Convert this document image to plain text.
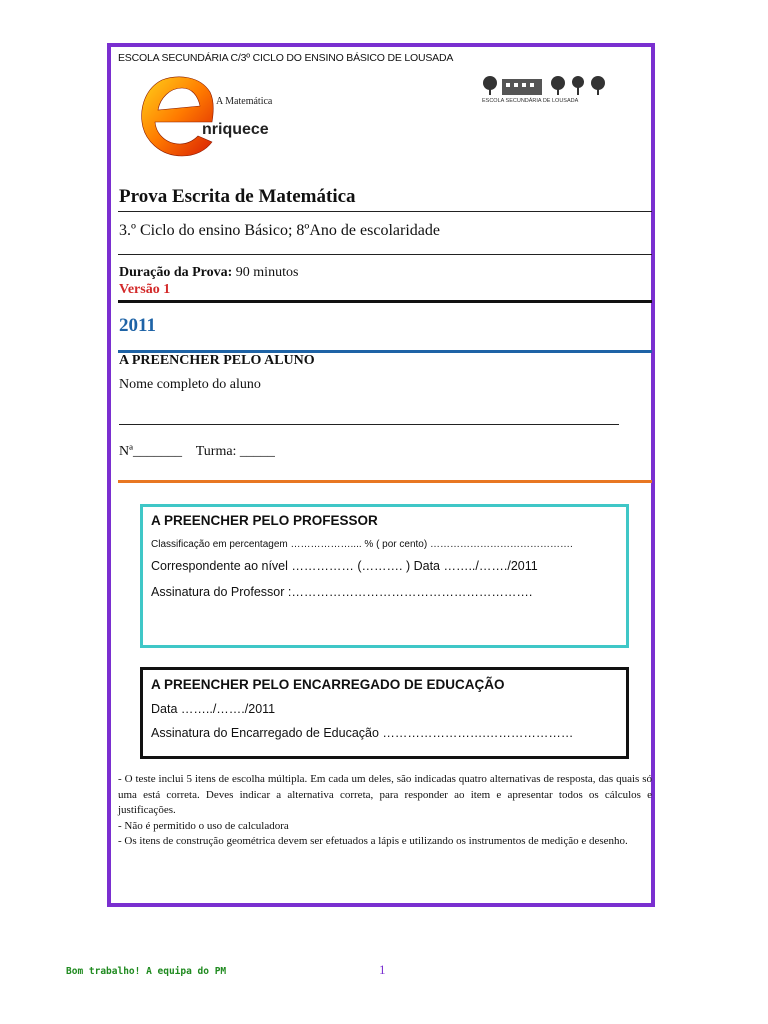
ESCOLA SECUNDÁRIA C/3º CICLO DO ENSINO BÁSICO DE LOUSADA
A Matemática
nriquece
ESCOLA SECUNDÁRIA DE LOUSADA
Prova Escrita de Matemática
3.º Ciclo do ensino Básico; 8ºAno de escolaridade
Duração da Prova: 90 minutos
Versão 1
2011
A PREENCHER PELO ALUNO
Nome completo do aluno
Nª_______    Turma: _____
A PREENCHER PELO PROFESSOR
Classificação em percentagem ……………….... % ( por cento) …………………………………….
Correspondente ao nível …………… (………. ) Data ……../……./2011
Assinatura do Professor :………………………………………………….
A PREENCHER PELO ENCARREGADO DE EDUCAÇÃO
Data ……../……./2011
Assinatura do Encarregado de Educação …………………….…………………

- O teste inclui 5 itens de escolha múltipla. Em cada um deles, são indicadas quatro alternativas de resposta, das quais só uma está correta. Deves indicar a alternativa correta, para responder ao item e apresentar todos os cálculos e justificações.

- Não é permitido o uso de calculadora

- Os itens de construção geométrica devem ser efetuados a lápis e utilizando os instrumentos de medição e desenho.

Bom trabalho! A equipa do PM	1
